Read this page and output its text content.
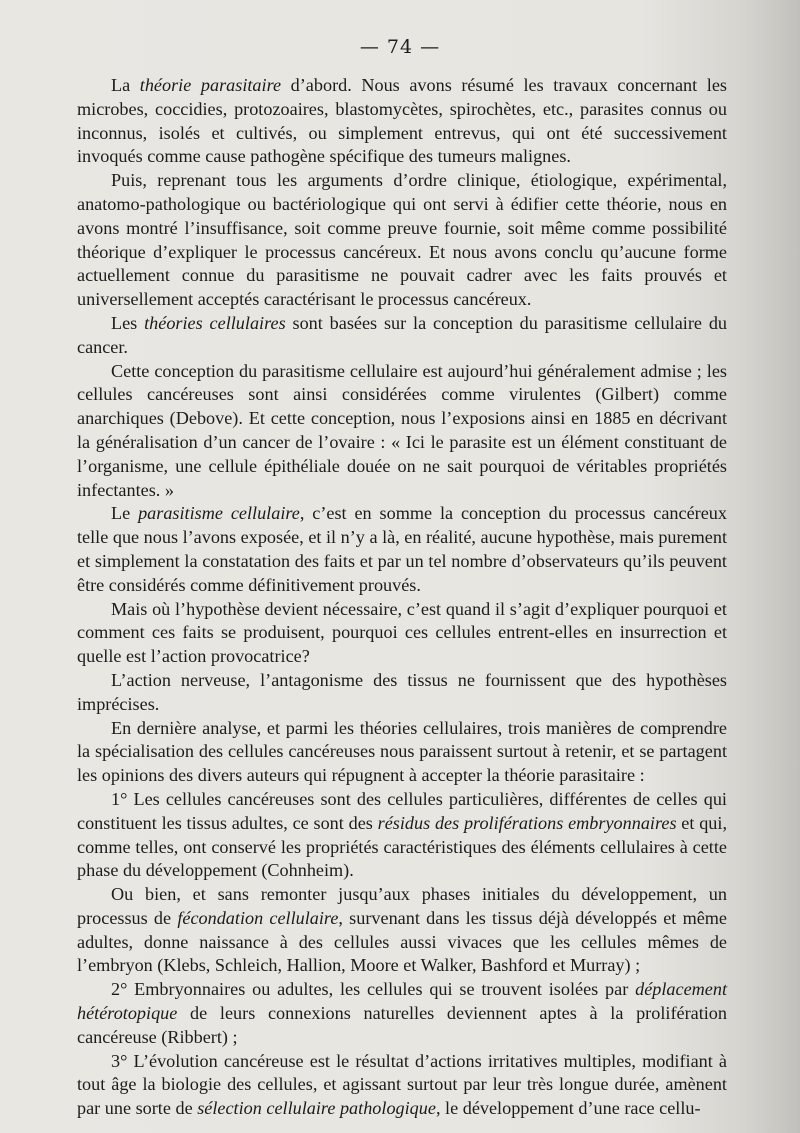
— 74 —

La théorie parasitaire d’abord. Nous avons résumé les travaux concernant les microbes, coccidies, protozoaires, blastomycètes, spirochètes, etc., parasites connus ou inconnus, isolés et cultivés, ou simplement entrevus, qui ont été successivement invoqués comme cause pathogène spécifique des tumeurs malignes.

Puis, reprenant tous les arguments d’ordre clinique, étiologique, expérimental, anatomo-pathologique ou bactériologique qui ont servi à édifier cette théorie, nous en avons montré l’insuffisance, soit comme preuve fournie, soit même comme possibilité théorique d’expliquer le processus cancéreux. Et nous avons conclu qu’aucune forme actuellement connue du parasitisme ne pouvait cadrer avec les faits prouvés et universellement acceptés caractérisant le processus cancéreux.

Les théories cellulaires sont basées sur la conception du parasitisme cellulaire du cancer.

Cette conception du parasitisme cellulaire est aujourd’hui généralement admise ; les cellules cancéreuses sont ainsi considérées comme virulentes (Gilbert) comme anarchiques (Debove). Et cette conception, nous l’exposions ainsi en 1885 en décrivant la généralisation d’un cancer de l’ovaire : « Ici le parasite est un élément constituant de l’organisme, une cellule épithéliale douée on ne sait pourquoi de véritables propriétés infectantes. »

Le parasitisme cellulaire, c’est en somme la conception du processus cancéreux telle que nous l’avons exposée, et il n’y a là, en réalité, aucune hypothèse, mais purement et simplement la constatation des faits et par un tel nombre d’observateurs qu’ils peuvent être considérés comme définitivement prouvés.

Mais où l’hypothèse devient nécessaire, c’est quand il s’agit d’expliquer pourquoi et comment ces faits se produisent, pourquoi ces cellules entrent-elles en insurrection et quelle est l’action provocatrice?

L’action nerveuse, l’antagonisme des tissus ne fournissent que des hypothèses imprécises.

En dernière analyse, et parmi les théories cellulaires, trois manières de comprendre la spécialisation des cellules cancéreuses nous paraissent surtout à retenir, et se partagent les opinions des divers auteurs qui répugnent à accepter la théorie parasitaire :

1° Les cellules cancéreuses sont des cellules particulières, différentes de celles qui constituent les tissus adultes, ce sont des résidus des proliférations embryonnaires et qui, comme telles, ont conservé les propriétés caractéristiques des éléments cellulaires à cette phase du développement (Cohnheim).

Ou bien, et sans remonter jusqu’aux phases initiales du développement, un processus de fécondation cellulaire, survenant dans les tissus déjà développés et même adultes, donne naissance à des cellules aussi vivaces que les cellules mêmes de l’embryon (Klebs, Schleich, Hallion, Moore et Walker, Bashford et Murray) ;

2° Embryonnaires ou adultes, les cellules qui se trouvent isolées par déplacement hétérotopique de leurs connexions naturelles deviennent aptes à la prolifération cancéreuse (Ribbert) ;

3° L’évolution cancéreuse est le résultat d’actions irritatives multiples, modifiant à tout âge la biologie des cellules, et agissant surtout par leur très longue durée, amènent par une sorte de sélection cellulaire pathologique, le développement d’une race cellu-
